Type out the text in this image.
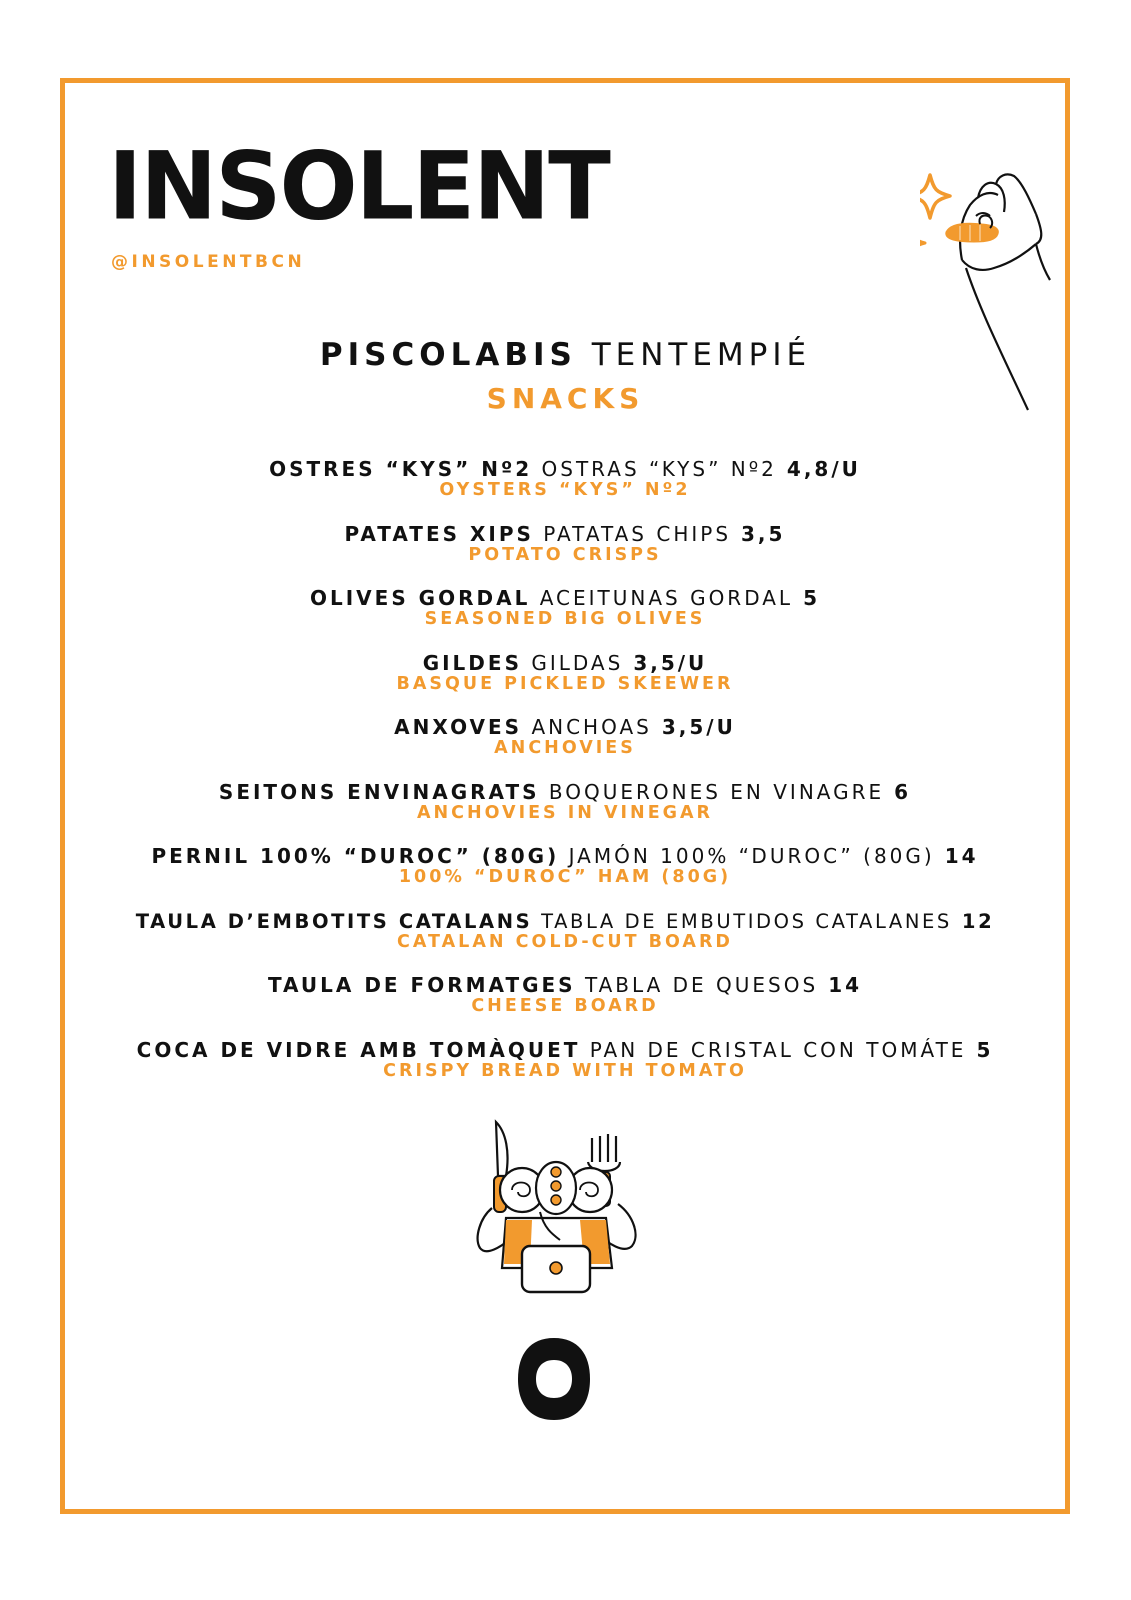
INSOLENT
@INSOLENTBCN
PISCOLABIS TENTEMPIÉ
SNACKS
OSTRES “KYS” Nº2 OSTRAS “KYS” Nº2 4,8/U
OYSTERS “KYS” Nº2
PATATES XIPS PATATAS CHIPS 3,5
POTATO CRISPS
OLIVES GORDAL ACEITUNAS GORDAL 5
SEASONED BIG OLIVES
GILDES GILDAS 3,5/U
BASQUE PICKLED SKEEWER
ANXOVES ANCHOAS 3,5/U
ANCHOVIES
SEITONS ENVINAGRATS BOQUERONES EN VINAGRE 6
ANCHOVIES IN VINEGAR
PERNIL 100% “DUROC” (80G) JAMÓN 100% “DUROC” (80G) 14
100% “DUROC” HAM (80G)
TAULA D’EMBOTITS CATALANS TABLA DE EMBUTIDOS CATALANES 12
CATALAN COLD-CUT BOARD
TAULA DE FORMATGES TABLA DE QUESOS 14
CHEESE BOARD
COCA DE VIDRE AMB TOMÀQUET PAN DE CRISTAL CON TOMÁTE 5
CRISPY BREAD WITH TOMATO
